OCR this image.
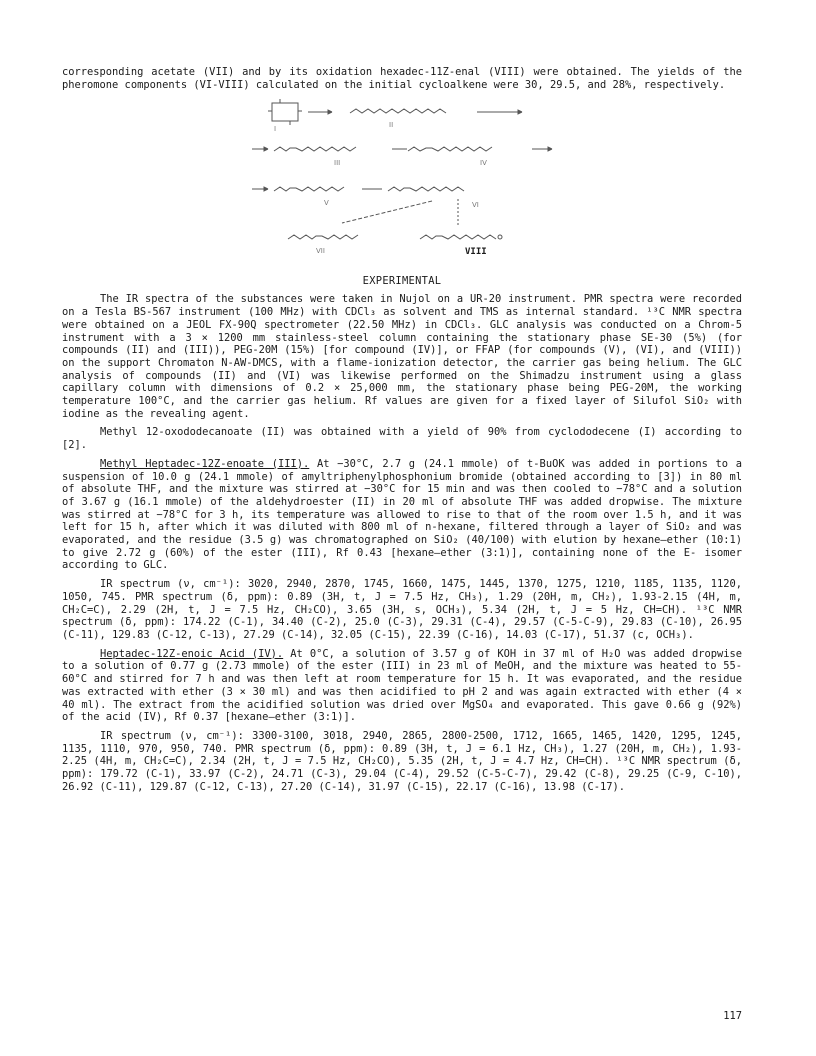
corresponding acetate (VII) and by its oxidation hexadec-11Z-enal (VIII) were obtained. The yields of the pheromone components (VI-VIII) calculated on the initial cycloalkene were 30, 29.5, and 28%, respectively.

I	II
III	IV
V	VI
VII	VIII
EXPERIMENTAL

The IR spectra of the substances were taken in Nujol on a UR-20 instrument. PMR spectra were recorded on a Tesla BS-567 instrument (100 MHz) with CDCl₃ as solvent and TMS as internal standard. ¹³C NMR spectra were obtained on a JEOL FX-90Q spectrometer (22.50 MHz) in CDCl₃. GLC analysis was conducted on a Chrom-5 instrument with a 3 × 1200 mm stainless-steel column containing the stationary phase SE-30 (5%) (for compounds (II) and (III)), PEG-20M (15%) [for compound (IV)], or FFAP (for compounds (V), (VI), and (VIII)) on the support Chromaton N-AW-DMCS, with a flame-ionization detector, the carrier gas being helium. The GLC analysis of compounds (II) and (VI) was likewise performed on the Shimadzu instrument using a glass capillary column with dimensions of 0.2 × 25,000 mm, the stationary phase being PEG-20M, the working temperature 100°C, and the carrier gas helium. Rf values are given for a fixed layer of Silufol SiO₂ with iodine as the revealing agent.

Methyl 12-oxododecanoate (II) was obtained with a yield of 90% from cyclododecene (I) according to [2].

Methyl Heptadec-12Z-enoate (III). At −30°C, 2.7 g (24.1 mmole) of t-BuOK was added in portions to a suspension of 10.0 g (24.1 mmole) of amyltriphenylphosphonium bromide (obtained according to [3]) in 80 ml of absolute THF, and the mixture was stirred at −30°C for 15 min and was then cooled to −78°C and a solution of 3.67 g (16.1 mmole) of the aldehydroester (II) in 20 ml of absolute THF was added dropwise. The mixture was stirred at −78°C for 3 h, its temperature was allowed to rise to that of the room over 1.5 h, and it was left for 15 h, after which it was diluted with 800 ml of n-hexane, filtered through a layer of SiO₂ and was evaporated, and the residue (3.5 g) was chromatographed on SiO₂ (40/100) with elution by hexane–ether (10:1) to give 2.72 g (60%) of the ester (III), Rf 0.43 [hexane–ether (3:1)], containing none of the E- isomer according to GLC.

IR spectrum (ν, cm⁻¹): 3020, 2940, 2870, 1745, 1660, 1475, 1445, 1370, 1275, 1210, 1185, 1135, 1120, 1050, 745. PMR spectrum (δ, ppm): 0.89 (3H, t, J = 7.5 Hz, CH₃), 1.29 (20H, m, CH₂), 1.93-2.15 (4H, m, CH₂C=C), 2.29 (2H, t, J = 7.5 Hz, CH₂CO), 3.65 (3H, s, OCH₃), 5.34 (2H, t, J = 5 Hz, CH=CH). ¹³C NMR spectrum (δ, ppm): 174.22 (C-1), 34.40 (C-2), 25.0 (C-3), 29.31 (C-4), 29.57 (C-5-C-9), 29.83 (C-10), 26.95 (C-11), 129.83 (C-12, C-13), 27.29 (C-14), 32.05 (C-15), 22.39 (C-16), 14.03 (C-17), 51.37 (c, OCH₃).

Heptadec-12Z-enoic Acid (IV). At 0°C, a solution of 3.57 g of KOH in 37 ml of H₂O was added dropwise to a solution of 0.77 g (2.73 mmole) of the ester (III) in 23 ml of MeOH, and the mixture was heated to 55-60°C and stirred for 7 h and was then left at room temperature for 15 h. It was evaporated, and the residue was extracted with ether (3 × 30 ml) and was then acidified to pH 2 and was again extracted with ether (4 × 40 ml). The extract from the acidified solution was dried over MgSO₄ and evaporated. This gave 0.66 g (92%) of the acid (IV), Rf 0.37 [hexane–ether (3:1)].

IR spectrum (ν, cm⁻¹): 3300-3100, 3018, 2940, 2865, 2800-2500, 1712, 1665, 1465, 1420, 1295, 1245, 1135, 1110, 970, 950, 740. PMR spectrum (δ, ppm): 0.89 (3H, t, J = 6.1 Hz, CH₃), 1.27 (20H, m, CH₂), 1.93-2.25 (4H, m, CH₂C=C), 2.34 (2H, t, J = 7.5 Hz, CH₂CO), 5.35 (2H, t, J = 4.7 Hz, CH=CH). ¹³C NMR spectrum (δ, ppm): 179.72 (C-1), 33.97 (C-2), 24.71 (C-3), 29.04 (C-4), 29.52 (C-5-C-7), 29.42 (C-8), 29.25 (C-9, C-10), 26.92 (C-11), 129.87 (C-12, C-13), 27.20 (C-14), 31.97 (C-15), 22.17 (C-16), 13.98 (C-17).

117
